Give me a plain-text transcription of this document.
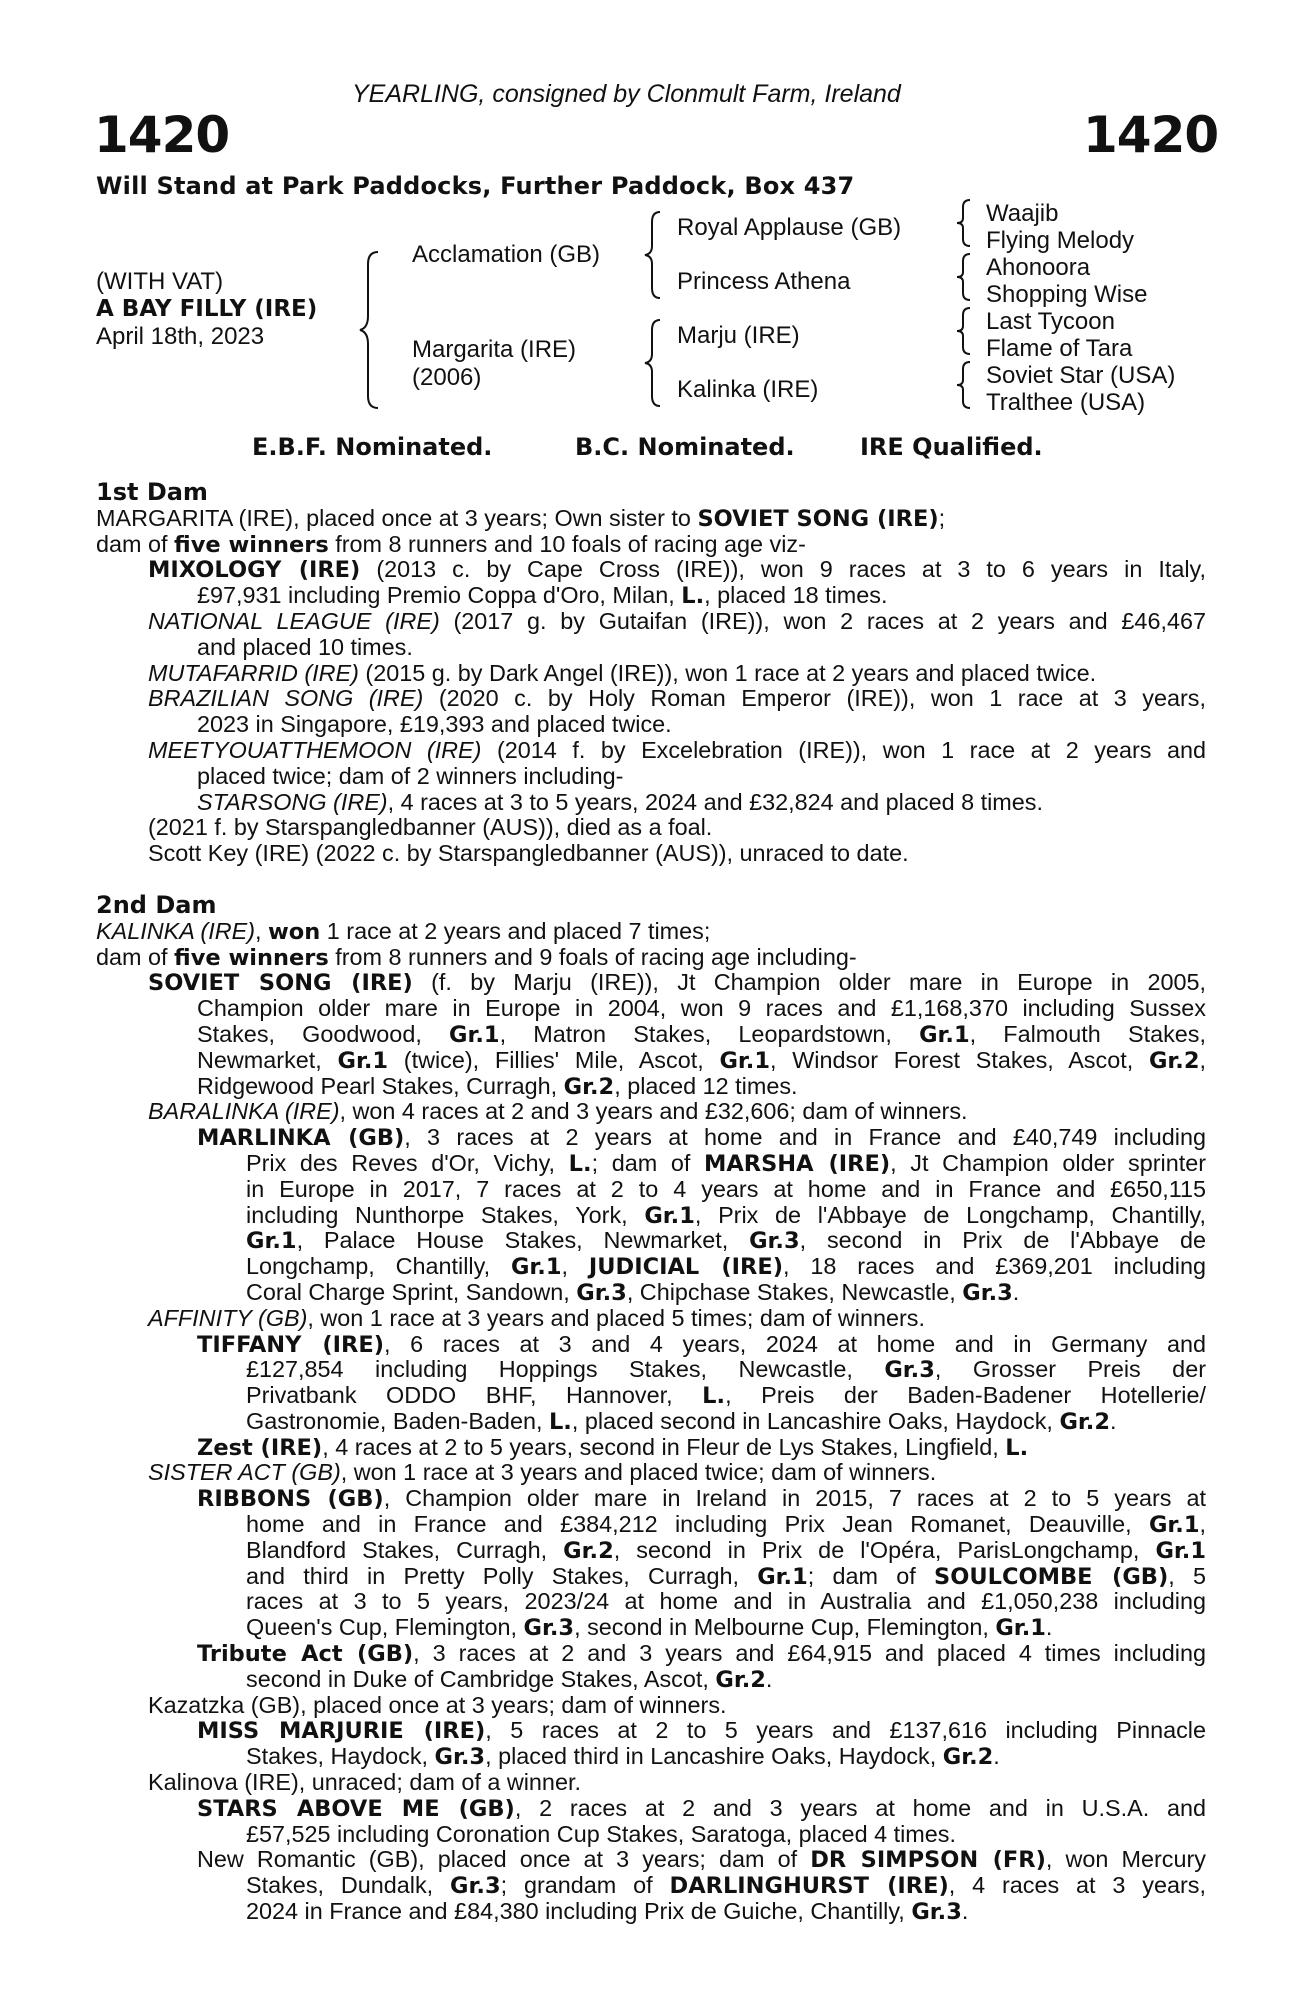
YEARLING, consigned by Clonmult Farm, Ireland
1420	1420
Will Stand at Park Paddocks, Further Paddock, Box 437
(WITH VAT)
A BAY FILLY (IRE)
April 18th, 2023
Acclamation (GB)
Margarita (IRE)
(2006)
Royal Applause (GB)
Princess Athena
Marju (IRE)
Kalinka (IRE)
Waajib
Flying Melody
Ahonoora
Shopping Wise
Last Tycoon
Flame of Tara
Soviet Star (USA)
Tralthee (USA)
E.B.F. Nominated.	B.C. Nominated.	IRE Qualified.
1st Dam
MARGARITA (IRE), placed once at 3 years; Own sister to SOVIET SONG (IRE);
dam of five winners from 8 runners and 10 foals of racing age viz-
MIXOLOGY (IRE) (2013 c. by Cape Cross (IRE)), won 9 races at 3 to 6 years in Italy,
£97,931 including Premio Coppa d'Oro, Milan, L., placed 18 times.
NATIONAL LEAGUE (IRE) (2017 g. by Gutaifan (IRE)), won 2 races at 2 years and £46,467
and placed 10 times.
MUTAFARRID (IRE) (2015 g. by Dark Angel (IRE)), won 1 race at 2 years and placed twice.
BRAZILIAN SONG (IRE) (2020 c. by Holy Roman Emperor (IRE)), won 1 race at 3 years,
2023 in Singapore, £19,393 and placed twice.
MEETYOUATTHEMOON (IRE) (2014 f. by Excelebration (IRE)), won 1 race at 2 years and
placed twice; dam of 2 winners including-
STARSONG (IRE), 4 races at 3 to 5 years, 2024 and £32,824 and placed 8 times.
(2021 f. by Starspangledbanner (AUS)), died as a foal.
Scott Key (IRE) (2022 c. by Starspangledbanner (AUS)), unraced to date.
2nd Dam
KALINKA (IRE), won 1 race at 2 years and placed 7 times;
dam of five winners from 8 runners and 9 foals of racing age including-
SOVIET SONG (IRE) (f. by Marju (IRE)), Jt Champion older mare in Europe in 2005,
Champion older mare in Europe in 2004, won 9 races and £1,168,370 including Sussex
Stakes, Goodwood, Gr.1, Matron Stakes, Leopardstown, Gr.1, Falmouth Stakes,
Newmarket, Gr.1 (twice), Fillies' Mile, Ascot, Gr.1, Windsor Forest Stakes, Ascot, Gr.2,
Ridgewood Pearl Stakes, Curragh, Gr.2, placed 12 times.
BARALINKA (IRE), won 4 races at 2 and 3 years and £32,606; dam of winners.
MARLINKA (GB), 3 races at 2 years at home and in France and £40,749 including
Prix des Reves d'Or, Vichy, L.; dam of MARSHA (IRE), Jt Champion older sprinter
in Europe in 2017, 7 races at 2 to 4 years at home and in France and £650,115
including Nunthorpe Stakes, York, Gr.1, Prix de l'Abbaye de Longchamp, Chantilly,
Gr.1, Palace House Stakes, Newmarket, Gr.3, second in Prix de l'Abbaye de
Longchamp, Chantilly, Gr.1, JUDICIAL (IRE), 18 races and £369,201 including
Coral Charge Sprint, Sandown, Gr.3, Chipchase Stakes, Newcastle, Gr.3.
AFFINITY (GB), won 1 race at 3 years and placed 5 times; dam of winners.
TIFFANY (IRE), 6 races at 3 and 4 years, 2024 at home and in Germany and
£127,854 including Hoppings Stakes, Newcastle, Gr.3, Grosser Preis der
Privatbank ODDO BHF, Hannover, L., Preis der Baden-Badener Hotellerie/
Gastronomie, Baden-Baden, L., placed second in Lancashire Oaks, Haydock, Gr.2.
Zest (IRE), 4 races at 2 to 5 years, second in Fleur de Lys Stakes, Lingfield, L.
SISTER ACT (GB), won 1 race at 3 years and placed twice; dam of winners.
RIBBONS (GB), Champion older mare in Ireland in 2015, 7 races at 2 to 5 years at
home and in France and £384,212 including Prix Jean Romanet, Deauville, Gr.1,
Blandford Stakes, Curragh, Gr.2, second in Prix de l'Opéra, ParisLongchamp, Gr.1
and third in Pretty Polly Stakes, Curragh, Gr.1; dam of SOULCOMBE (GB), 5
races at 3 to 5 years, 2023/24 at home and in Australia and £1,050,238 including
Queen's Cup, Flemington, Gr.3, second in Melbourne Cup, Flemington, Gr.1.
Tribute Act (GB), 3 races at 2 and 3 years and £64,915 and placed 4 times including
second in Duke of Cambridge Stakes, Ascot, Gr.2.
Kazatzka (GB), placed once at 3 years; dam of winners.
MISS MARJURIE (IRE), 5 races at 2 to 5 years and £137,616 including Pinnacle
Stakes, Haydock, Gr.3, placed third in Lancashire Oaks, Haydock, Gr.2.
Kalinova (IRE), unraced; dam of a winner.
STARS ABOVE ME (GB), 2 races at 2 and 3 years at home and in U.S.A. and
£57,525 including Coronation Cup Stakes, Saratoga, placed 4 times.
New Romantic (GB), placed once at 3 years; dam of DR SIMPSON (FR), won Mercury
Stakes, Dundalk, Gr.3; grandam of DARLINGHURST (IRE), 4 races at 3 years,
2024 in France and £84,380 including Prix de Guiche, Chantilly, Gr.3.
